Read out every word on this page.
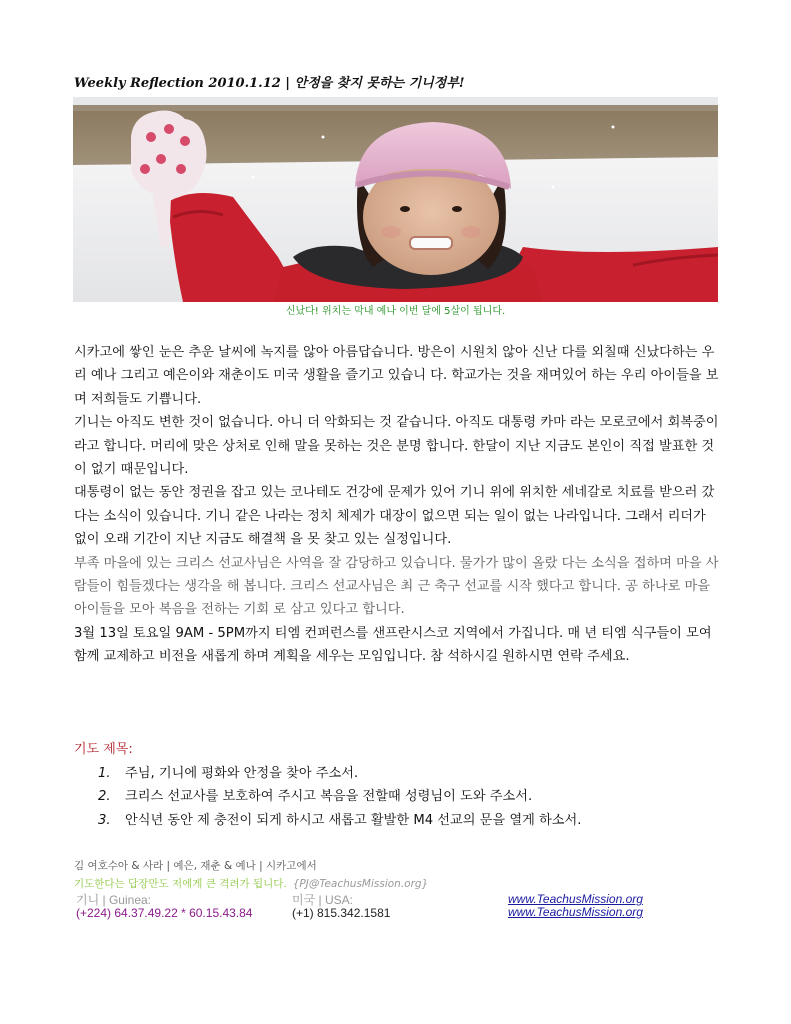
Weekly Reflection 2010.1.12 | 안정을 찾지 못하는 기니정부!
신났다! 위치는 막내 예나 이번 달에 5살이 됩니다.

시카고에 쌓인 눈은 추운 날씨에 녹지를 않아 아름답습니다. 방은이 시원치 않아 신난 다를 외칠때 신났다하는 우리 예나 그리고 예은이와 재춘이도 미국 생활을 즐기고 있습니 다. 학교가는 것을 재며있어 하는 우리 아이들을 보며 저희들도 기쁩니다.

기니는 아직도 변한 것이 없습니다. 아니 더 악화되는 것 같습니다. 아직도 대통령 카마 라는 모로코에서 회복중이라고 합니다. 머리에 맞은 상처로 인해 말을 못하는 것은 분명 합니다. 한달이 지난 지금도 본인이 직접 발표한 것이 없기 때문입니다.

대통령이 없는 동안 정권을 잡고 있는 코나테도 건강에 문제가 있어 기니 위에 위치한 세네갈로 치료를 받으러 갔다는 소식이 있습니다. 기니 같은 나라는 정치 체제가 대장이 없으면 되는 일이 없는 나라입니다. 그래서 리더가 없이 오래 기간이 지난 지금도 해결책 을 못 찾고 있는 실정입니다.

부족 마을에 있는 크리스 선교사님은 사역을 잘 감당하고 있습니다. 물가가 많이 올랐 다는 소식을 접하며 마을 사람들이 힘들겠다는 생각을 해 봅니다. 크리스 선교사님은 최 근 축구 선교를 시작 했다고 합니다. 공 하나로 마을 아이들을 모아 복음을 전하는 기회 로 삼고 있다고 합니다.

3월 13일 토요일 9AM - 5PM까지 티엠 컨퍼런스를 샌프란시스코 지역에서 가집니다. 매 년 티엠 식구들이 모여 함께 교제하고 비전을 새롭게 하며 계획을 세우는 모임입니다. 참 석하시길 원하시면 연락 주세요.

기도 제목:
1. 주님, 기니에 평화와 안정을 찾아 주소서.
2. 크리스 선교사를 보호하여 주시고 복음을 전할때 성령님이 도와 주소서.
3. 안식년 동안 제 충전이 되게 하시고 새롭고 활발한 M4 선교의 문을 열게 하소서.
김 여호수아 & 사라 | 예은, 재춘 & 예나 | 시카고에서
기도한다는 답장만도 저에게 큰 격려가 됩니다. {PJ@TeachusMission.org}
기니 | Guinea:
(+224) 64.37.49.22 * 60.15.43.84
미국 | USA:
(+1) 815.342.1581
www.TeachusMission.org
www.TeachusMission.org
